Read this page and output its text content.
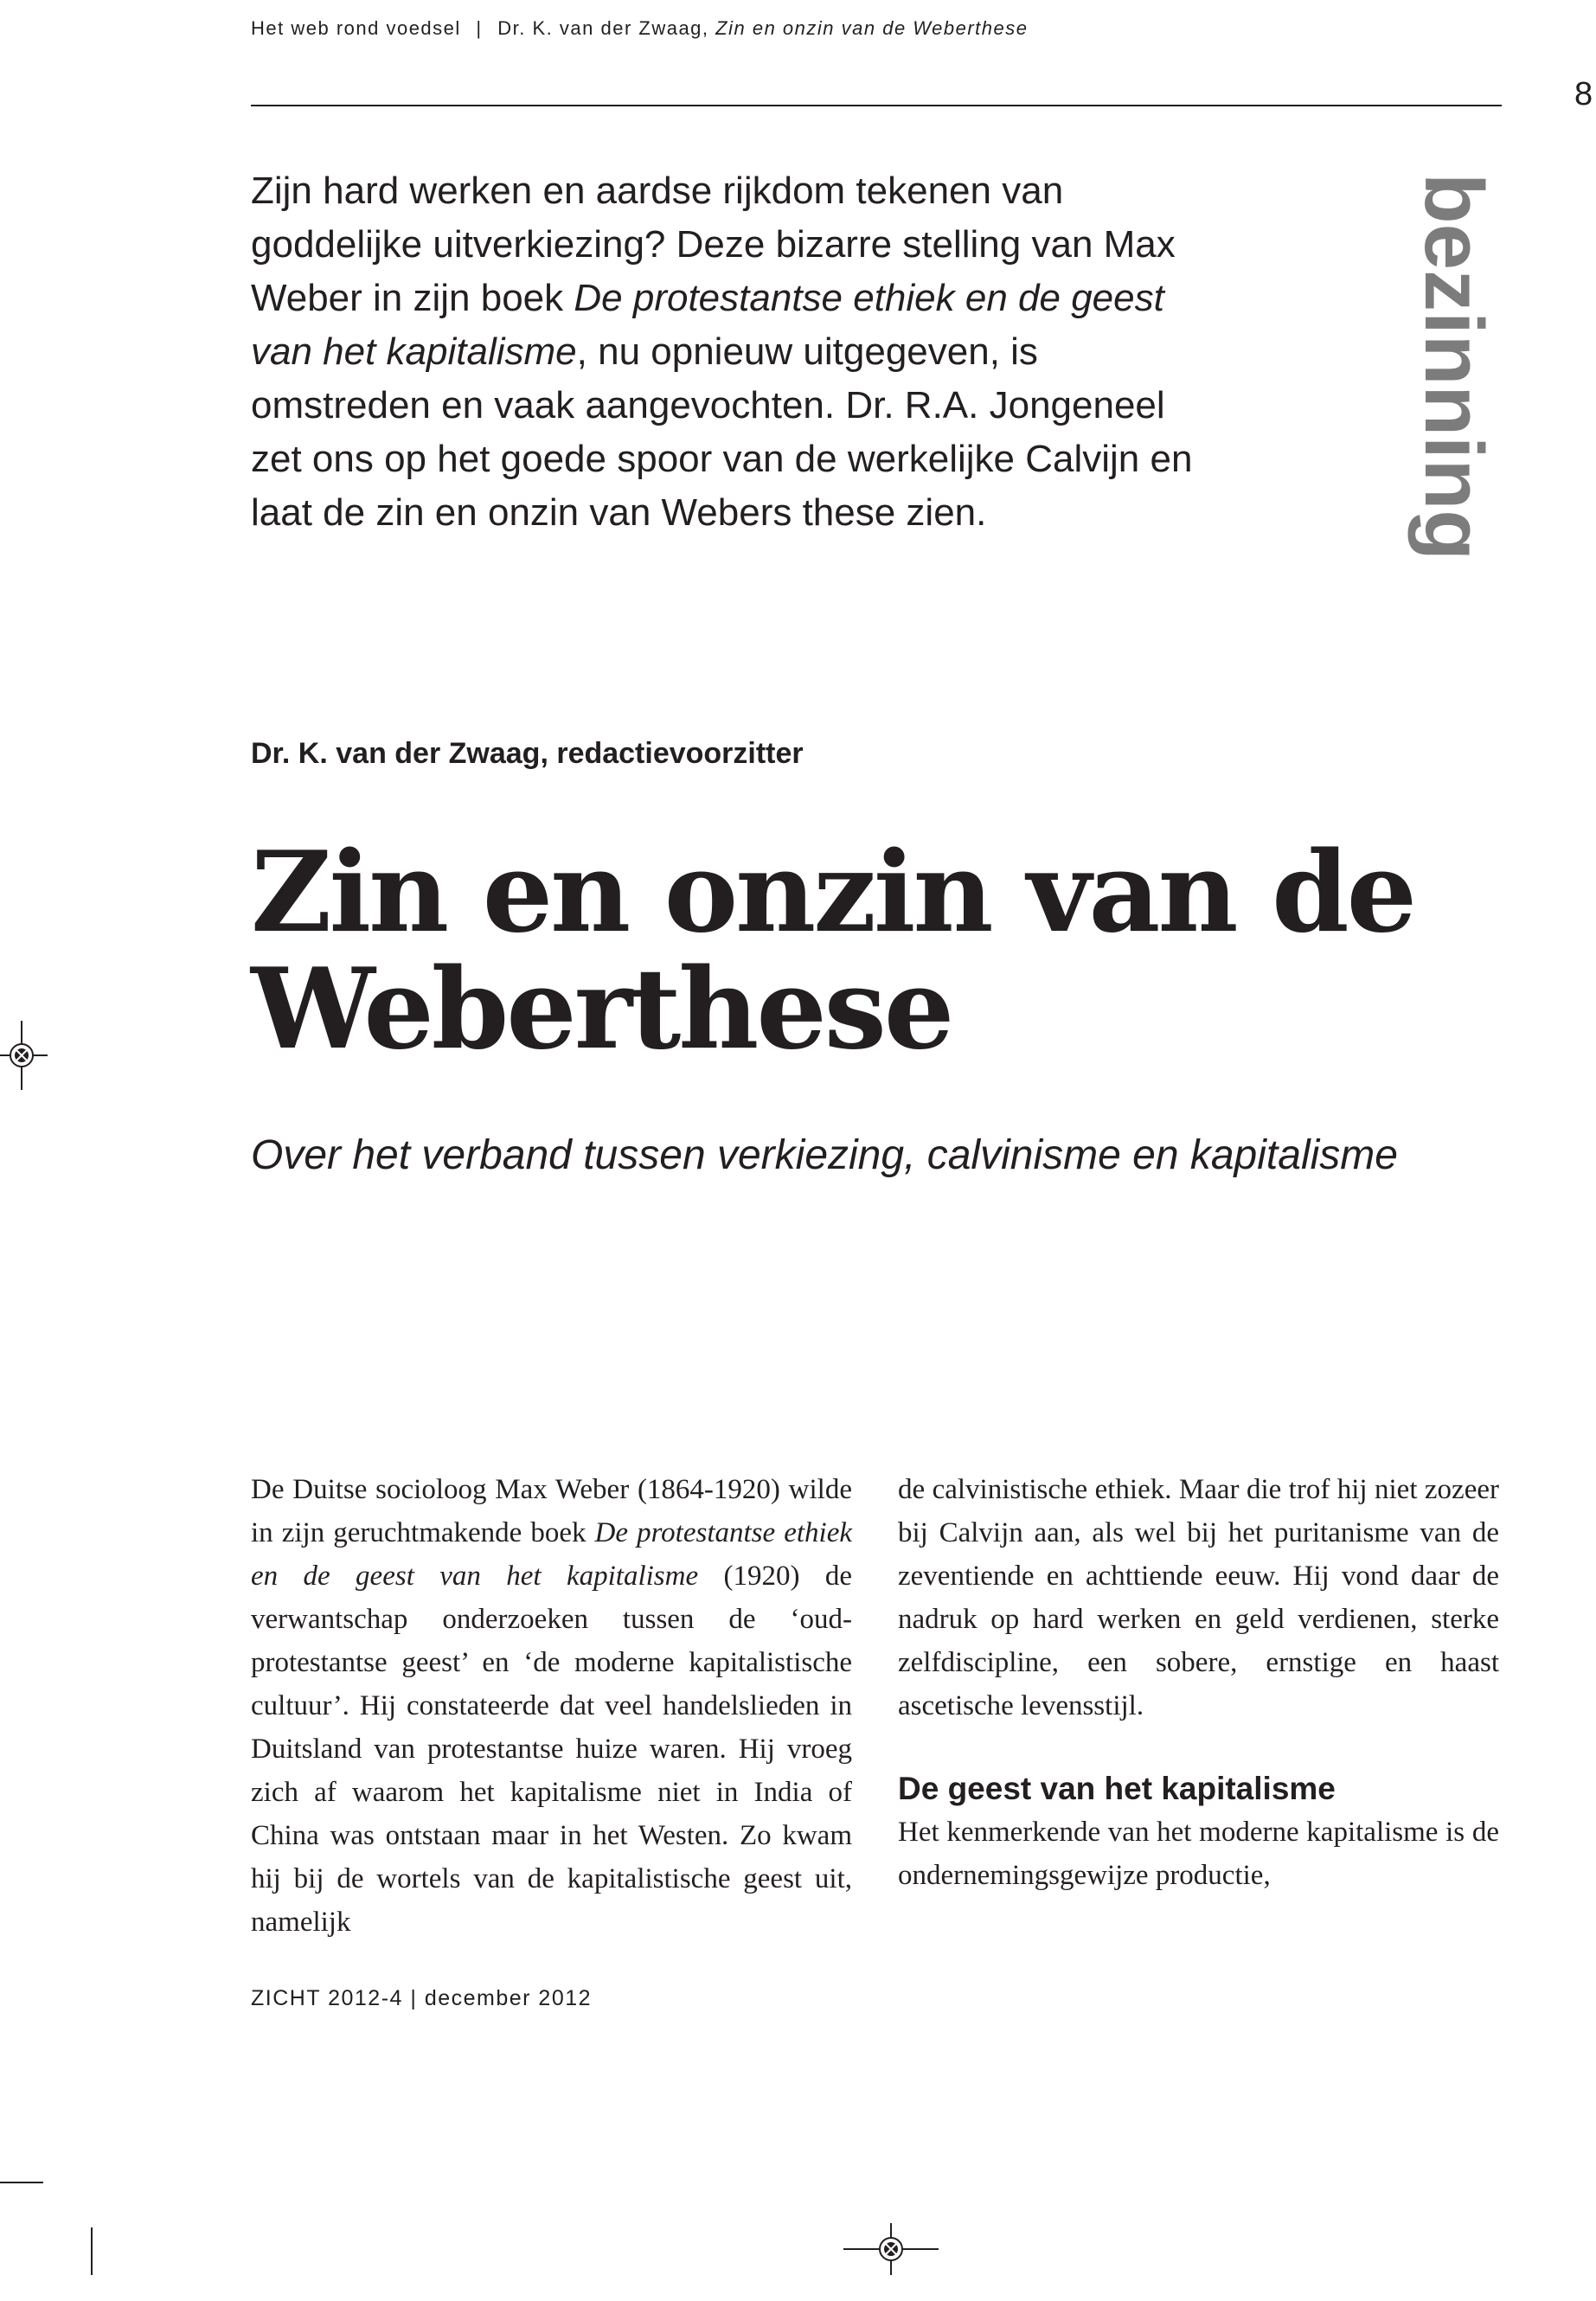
Het web rond voedsel | Dr. K. van der Zwaag, Zin en onzin van de Weberthese
8

Zijn hard werken en aardse rijkdom tekenen van goddelijke uitverkiezing? Deze bizarre stelling van Max Weber in zijn boek De protestantse ethiek en de geest van het kapitalisme, nu opnieuw uitgegeven, is omstreden en vaak aangevochten. Dr. R.A. Jongeneel zet ons op het goede spoor van de werkelijke Calvijn en laat de zin en onzin van Webers these zien.	bezinning
Dr. K. van der Zwaag, redactievoorzitter
Zin en onzin van de
Weberthese

Over het verband tussen verkiezing, calvinisme en kapitalisme

De Duitse socioloog Max Weber (1864-1920) wilde in zijn geruchtmakende boek De protestantse ethiek en de geest van het kapitalisme (1920) de verwantschap onderzoeken tussen de ‘oud-protestantse geest’ en ‘de moderne kapitalistische cultuur’. Hij constateerde dat veel handelslieden in Duitsland van protestantse huize waren. Hij vroeg zich af waarom het kapitalisme niet in India of China was ontstaan maar in het Westen. Zo kwam hij bij de wortels van de kapitalistische geest uit, namelijk

de calvinistische ethiek. Maar die trof hij niet zozeer bij Calvijn aan, als wel bij het puritanisme van de zeventiende en achttiende eeuw. Hij vond daar de nadruk op hard werken en geld verdienen, sterke zelfdiscipline, een sobere, ernstige en haast ascetische levensstijl.

De geest van het kapitalisme

Het kenmerkende van het moderne kapitalisme is de ondernemingsgewijze productie,

ZICHT 2012-4 | december 2012
